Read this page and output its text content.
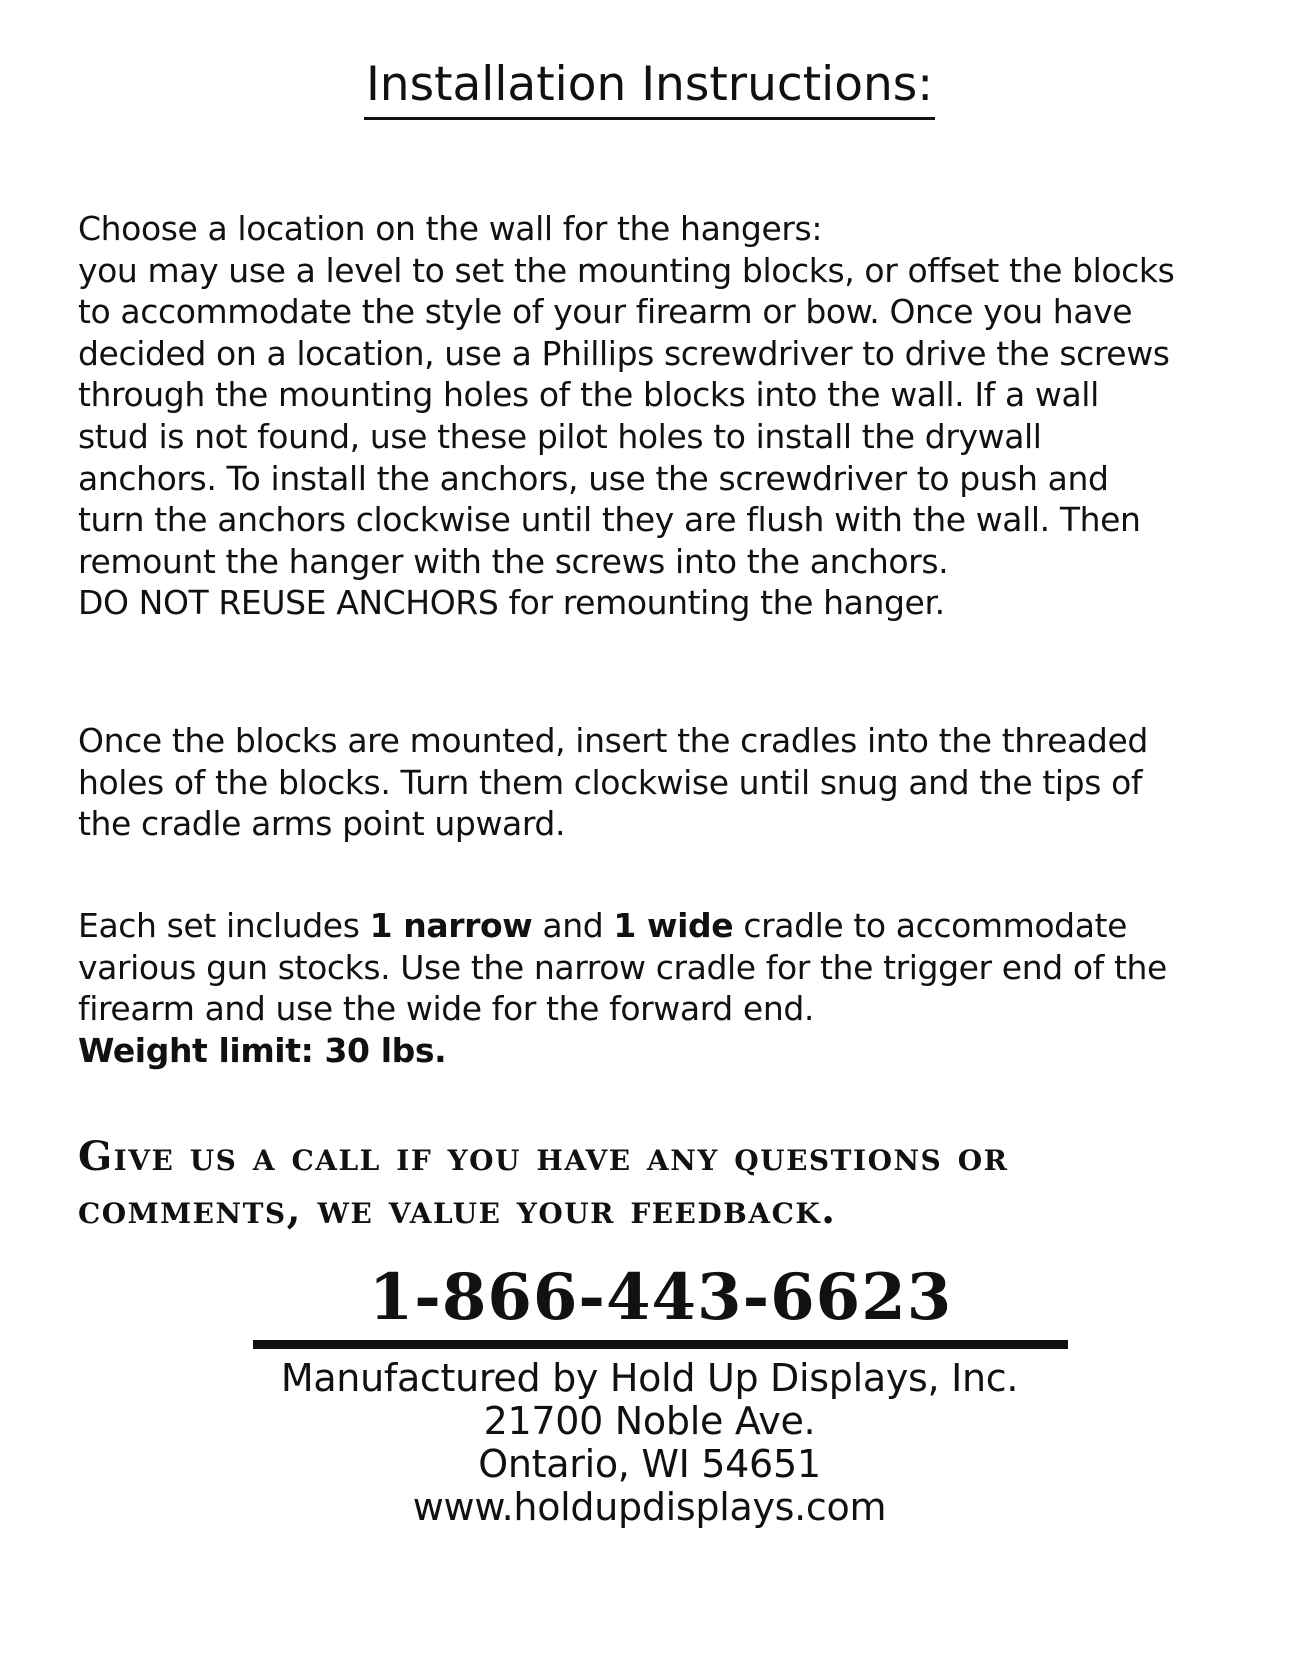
Installation Instructions:
Choose a location on the wall for the hangers:
you may use a level to set the mounting blocks, or offset the blocks
to accommodate the style of your firearm or bow. Once you have
decided on a location, use a Phillips screwdriver to drive the screws
through the mounting holes of the blocks into the wall. If a wall
stud is not found, use these pilot holes to install the drywall
anchors. To install the anchors, use the screwdriver to push and
turn the anchors clockwise until they are flush with the wall. Then
remount the hanger with the screws into the anchors.
DO NOT REUSE ANCHORS for remounting the hanger.
Once the blocks are mounted, insert the cradles into the threaded
holes of the blocks. Turn them clockwise until snug and the tips of
the cradle arms point upward.
Each set includes 1 narrow and 1 wide cradle to accommodate
various gun stocks. Use the narrow cradle for the trigger end of the
firearm and use the wide for the forward end.
Weight limit: 30 lbs.
Give us a call if you have any questions or
comments, we value your feedback.
1-866-443-6623
Manufactured by Hold Up Displays, Inc.
21700 Noble Ave.
Ontario, WI 54651
www.holdupdisplays.com
